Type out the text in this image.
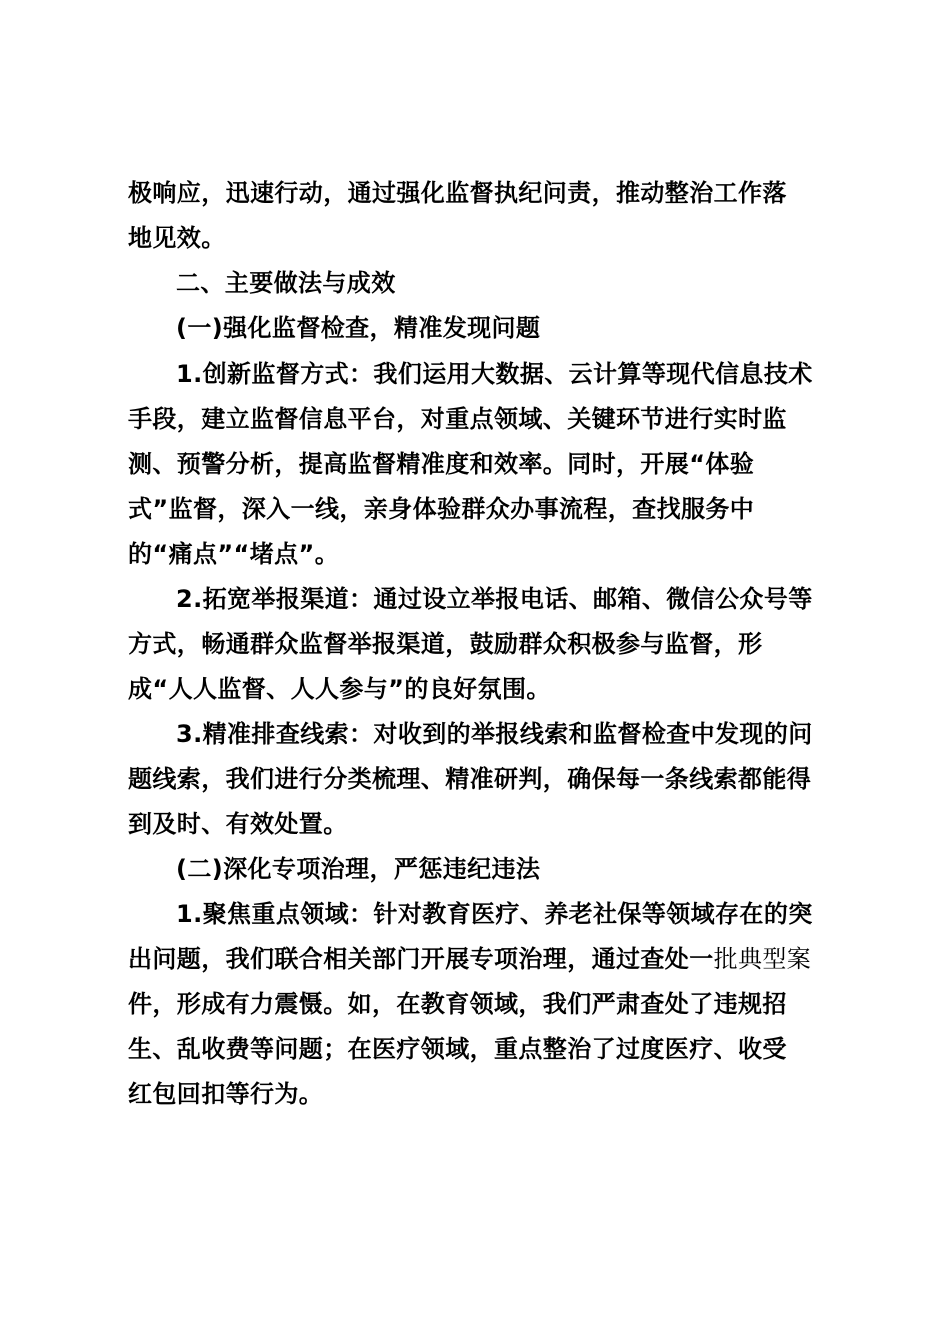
极响应，迅速行动，通过强化监督执纪问责，推动整治工作落
地见效。
二、主要做法与成效
(一)强化监督检查，精准发现问题
1.创新监督方式：我们运用大数据、云计算等现代信息技术
手段，建立监督信息平台，对重点领域、关键环节进行实时监
测、预警分析，提高监督精准度和效率。同时，开展“体验
式”监督，深入一线，亲身体验群众办事流程，查找服务中
的“痛点”“堵点”。
2.拓宽举报渠道：通过设立举报电话、邮箱、微信公众号等
方式，畅通群众监督举报渠道，鼓励群众积极参与监督，形
成“人人监督、人人参与”的良好氛围。
3.精准排查线索：对收到的举报线索和监督检查中发现的问
题线索，我们进行分类梳理、精准研判，确保每一条线索都能得
到及时、有效处置。
(二)深化专项治理，严惩违纪违法
1.聚焦重点领域：针对教育医疗、养老社保等领域存在的突
出问题，我们联合相关部门开展专项治理，通过查处一批典型案
件，形成有力震慑。如，在教育领域，我们严肃查处了违规招
生、乱收费等问题；在医疗领域，重点整治了过度医疗、收受
红包回扣等行为。
